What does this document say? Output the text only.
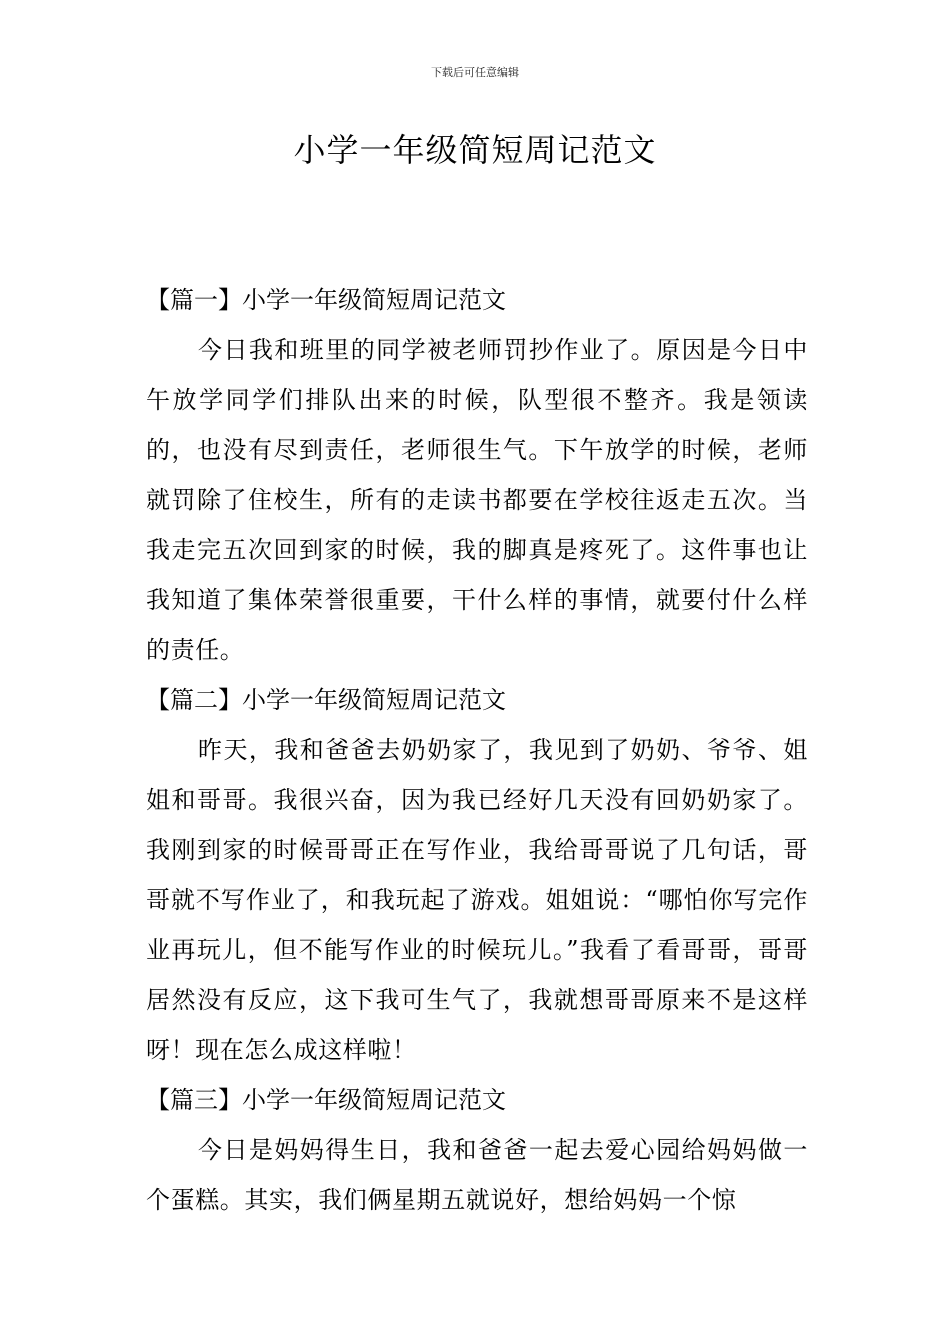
下载后可任意编辑
小学一年级简短周记范文

【篇一】小学一年级简短周记范文

今日我和班里的同学被老师罚抄作业了。原因是今日中午放学同学们排队出来的时候，队型很不整齐。我是领读的，也没有尽到责任，老师很生气。下午放学的时候，老师就罚除了住校生，所有的走读书都要在学校往返走五次。当我走完五次回到家的时候，我的脚真是疼死了。这件事也让我知道了集体荣誉很重要，干什么样的事情，就要付什么样的责任。

【篇二】小学一年级简短周记范文

昨天，我和爸爸去奶奶家了，我见到了奶奶、爷爷、姐姐和哥哥。我很兴奋，因为我已经好几天没有回奶奶家了。我刚到家的时候哥哥正在写作业，我给哥哥说了几句话，哥哥就不写作业了，和我玩起了游戏。姐姐说：“哪怕你写完作业再玩儿，但不能写作业的时候玩儿。”我看了看哥哥，哥哥居然没有反应，这下我可生气了，我就想哥哥原来不是这样呀！现在怎么成这样啦！

【篇三】小学一年级简短周记范文

今日是妈妈得生日，我和爸爸一起去爱心园给妈妈做一个蛋糕。其实，我们俩星期五就说好，想给妈妈一个惊
